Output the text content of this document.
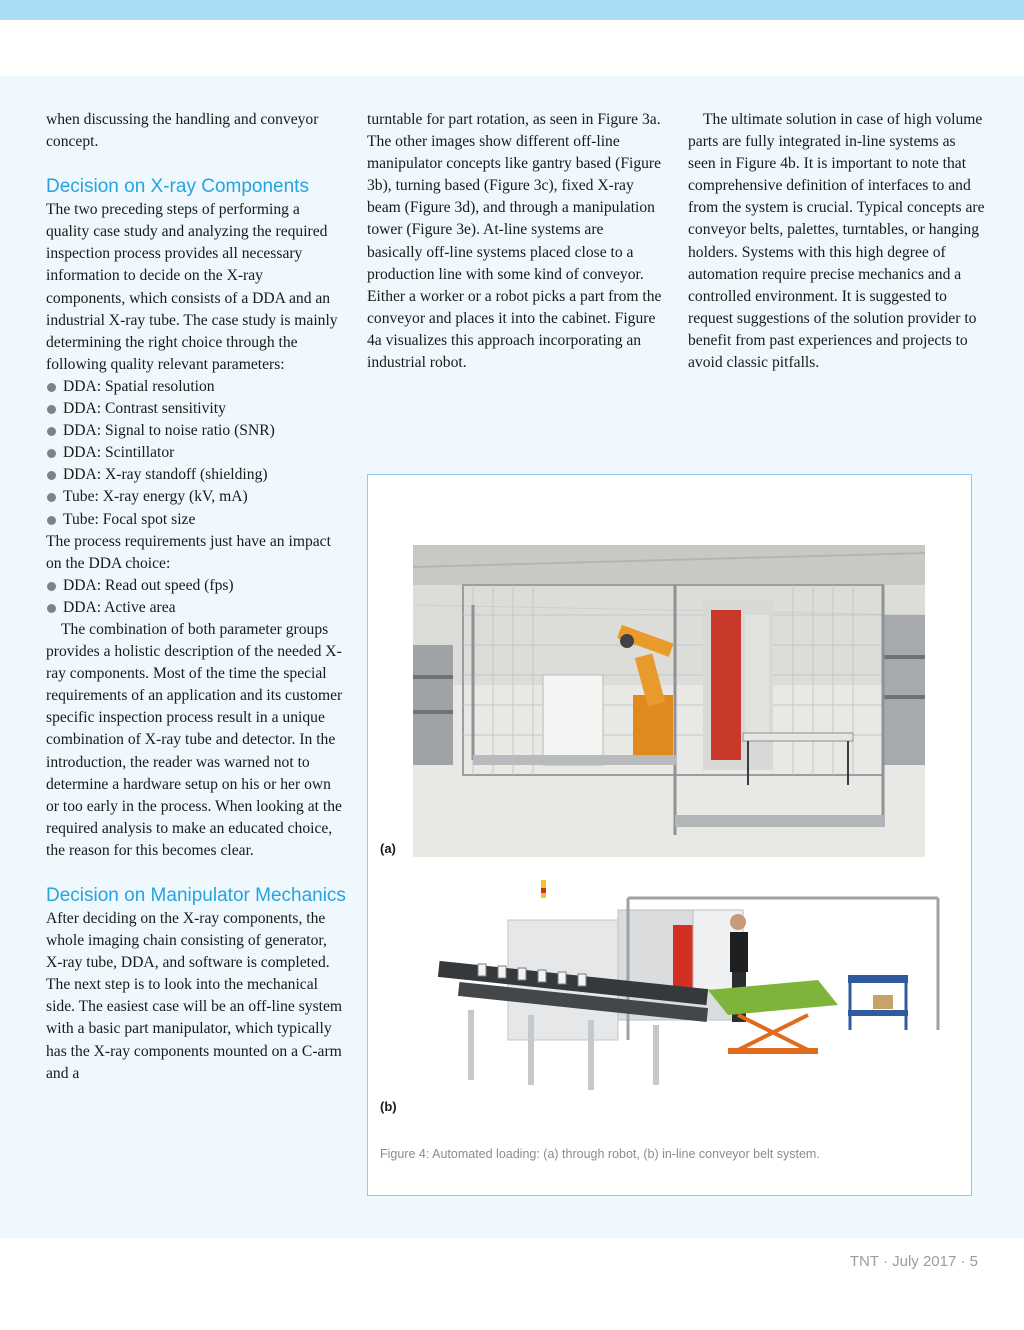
when discussing the handling and conveyor concept.

Decision on X-ray Components

The two preceding steps of performing a quality case study and analyzing the required inspection process provides all necessary information to decide on the X-ray components, which consists of a DDA and an industrial X-ray tube. The case study is mainly determining the right choice through the following quality relevant parameters:

DDA: Spatial resolution
DDA: Contrast sensitivity
DDA: Signal to noise ratio (SNR)
DDA: Scintillator
DDA: X-ray standoff (shielding)
Tube: X-ray energy (kV, mA)
Tube: Focal spot size

The process requirements just have an impact on the DDA choice:

DDA: Read out speed (fps)
DDA: Active area

The combination of both parameter groups provides a holistic description of the needed X-ray components. Most of the time the special requirements of an application and its customer specific inspection process result in a unique combination of X-ray tube and detector. In the introduction, the reader was warned not to determine a hardware setup on his or her own or too early in the process. When looking at the required analysis to make an educated choice, the reason for this becomes clear.

Decision on Manipulator Mechanics

After deciding on the X-ray components, the whole imaging chain consisting of generator, X-ray tube, DDA, and software is completed. The next step is to look into the mechanical side. The easiest case will be an off-line system with a basic part manipulator, which typically has the X-ray components mounted on a C-arm and a

turntable for part rotation, as seen in Figure 3a. The other images show different off-line manipulator concepts like gantry based (Figure 3b), turning based (Figure 3c), fixed X-ray beam (Figure 3d), and through a manipulation tower (Figure 3e). At-line systems are basically off-line systems placed close to a production line with some kind of conveyor. Either a worker or a robot picks a part from the conveyor and places it into the cabinet. Figure 4a visualizes this approach incorporating an industrial robot.

The ultimate solution in case of high volume parts are fully integrated in-line systems as seen in Figure 4b. It is important to note that comprehensive definition of interfaces to and from the system is crucial. Typical concepts are conveyor belts, palettes, turntables, or hanging holders. Systems with this high degree of automation require precise mechanics and a controlled environment. It is suggested to request suggestions of the solution provider to benefit from past experiences and projects to avoid classic pitfalls.

(a)
(b)
Figure 4: Automated loading: (a) through robot, (b) in-line conveyor belt system.
TNT · July 2017 · 5
